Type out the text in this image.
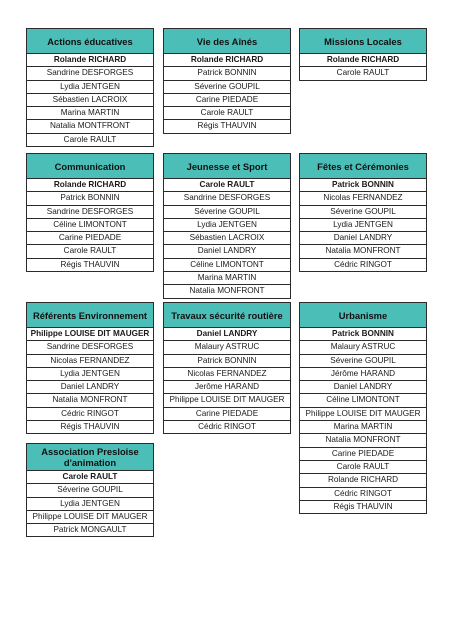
Actions éducatives
Rolande RICHARD
Sandrine DESFORGES
Lydia JENTGEN
Sébastien LACROIX
Marina MARTIN
Natalia MONTFRONT
Carole RAULT
Vie des Aînés
Rolande RICHARD
Patrick BONNIN
Séverine GOUPIL
Carine PIEDADE
Carole RAULT
Régis THAUVIN
Missions Locales
Rolande RICHARD
Carole RAULT
Communication
Rolande RICHARD
Patrick BONNIN
Sandrine DESFORGES
Céline LIMONTONT
Carine PIEDADE
Carole RAULT
Régis THAUVIN
Jeunesse et Sport
Carole RAULT
Sandrine DESFORGES
Séverine GOUPIL
Lydia JENTGEN
Sébastien LACROIX
Daniel LANDRY
Céline LIMONTONT
Marina MARTIN
Natalia MONFRONT
Fêtes et Cérémonies
Patrick BONNIN
Nicolas FERNANDEZ
Séverine GOUPIL
Lydia JENTGEN
Daniel LANDRY
Natalia MONFRONT
Cédric RINGOT
Référents Environnement
Philippe LOUISE DIT MAUGER
Sandrine DESFORGES
Nicolas FERNANDEZ
Lydia JENTGEN
Daniel LANDRY
Natalia MONFRONT
Cédric RINGOT
Régis THAUVIN
Travaux sécurité routière
Daniel LANDRY
Malaury ASTRUC
Patrick BONNIN
Nicolas FERNANDEZ
Jerôme HARAND
Philippe LOUISE DIT MAUGER
Carine PIEDADE
Cédric RINGOT
Urbanisme
Patrick BONNIN
Malaury ASTRUC
Séverine GOUPIL
Jérôme HARAND
Daniel LANDRY
Céline LIMONTONT
Philippe LOUISE DIT MAUGER
Marina MARTIN
Natalia MONFRONT
Carine PIEDADE
Carole RAULT
Rolande RICHARD
Cédric RINGOT
Régis THAUVIN
Association Presloise d'animation
Carole RAULT
Séverine GOUPIL
Lydia JENTGEN
Philippe LOUISE DIT MAUGER
Patrick MONGAULT
